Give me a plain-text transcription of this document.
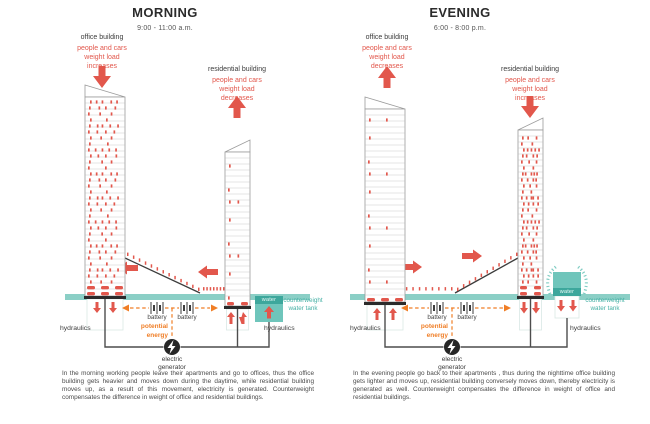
MORNING
9:00 - 11:00 a.m.
office building
people and cars
weight load
increases	residential building
people and cars
weight load
decreases
battery	battery
potential
energy
electric
generator
hydraulics	hydraulics
water	counterweight
water tank
In the morning working people leave their apartments and go to offices, thus the office building gets heavier and moves down during the daytime, while residential building moves up, as a result of this movement, electricity is generated. Counterweight compensates the difference in weight of office and residential buildings.
EVENING
6:00 - 8:00 p.m.
office building
people and cars
weight load
decreases	residential building
people and cars
weight load
increases
battery	battery
potential
energy
electric
generator
hydraulics	hydraulics
water
counterweight
water tank
In the evening people go back to their apartments , thus during the nighttime office building gets lighter and moves up, residential building conversely moves down, thereby electricity is generated as well. Counterweight compensates the difference in weight of office and residential buildings.
